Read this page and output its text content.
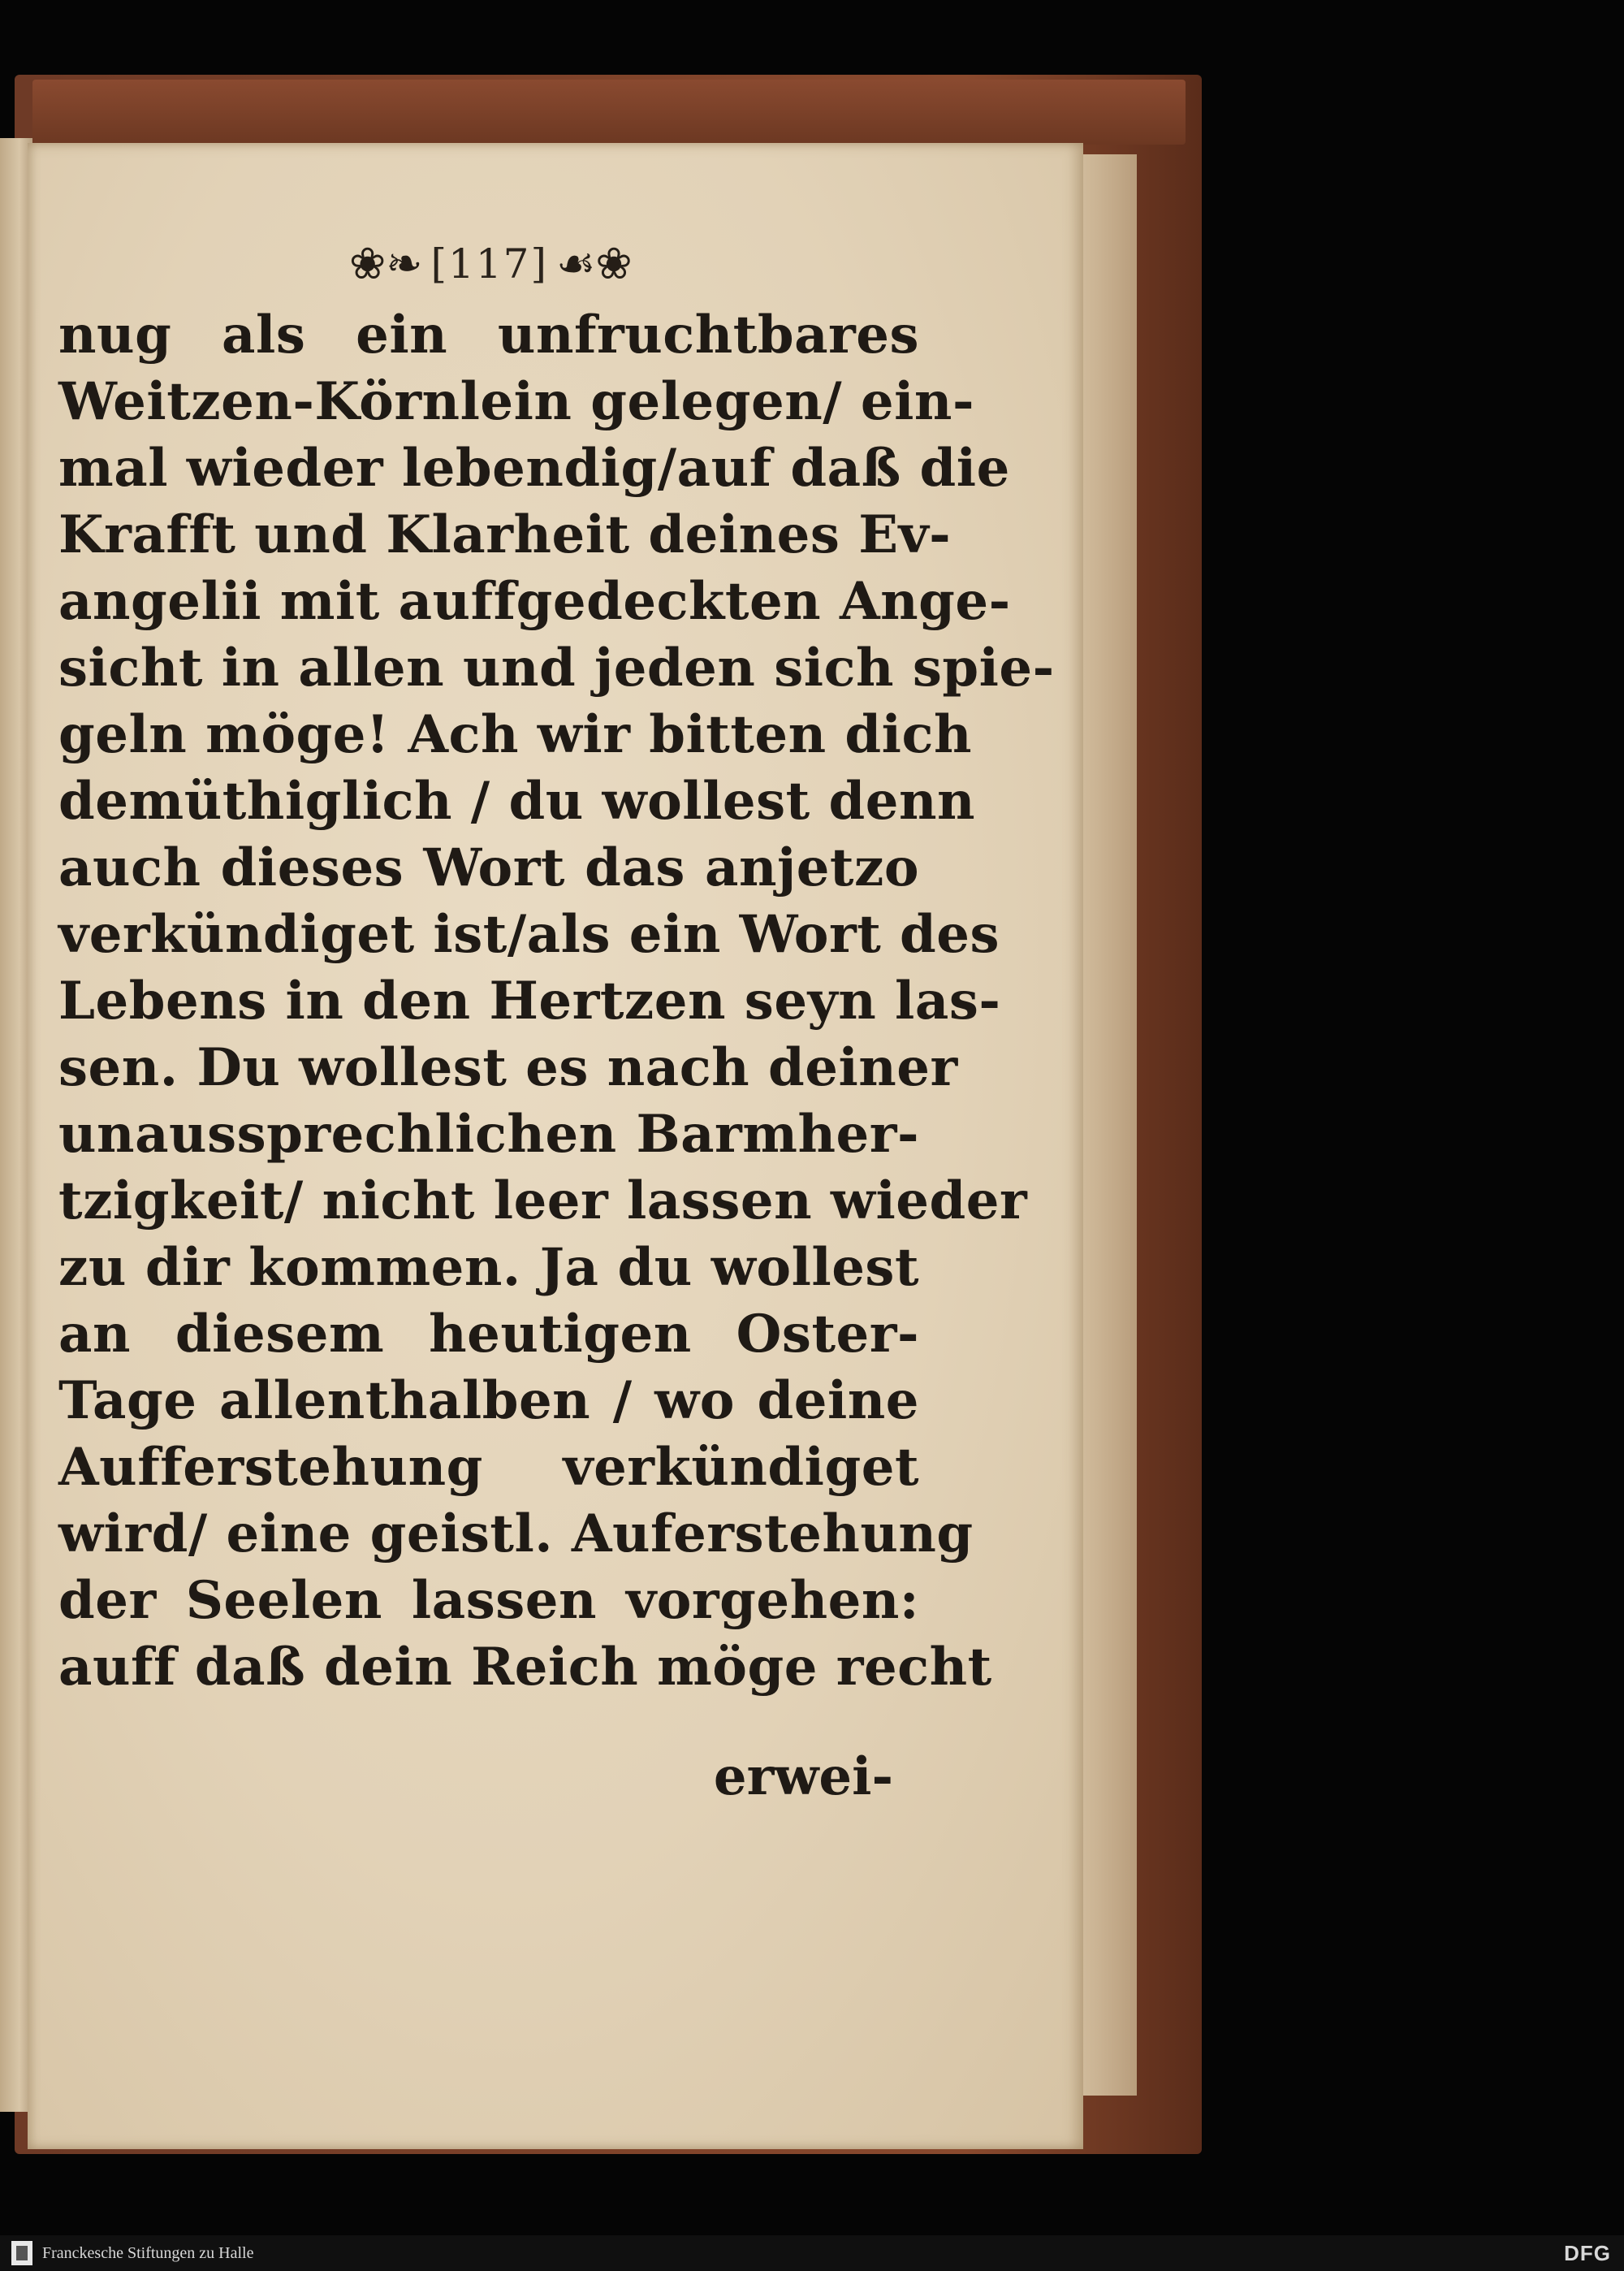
❀❧ [117] ☙❀
nug als ein unfruchtbares
Weitzen-Körnlein gelegen/ ein-
mal wieder lebendig/auf daß die
Krafft und Klarheit deines Ev-
angelii mit auffgedeckten Ange-
sicht in allen und jeden sich spie-
geln möge! Ach wir bitten dich
demüthiglich / du wollest denn
auch dieses Wort das anjetzo
verkündiget ist/als ein Wort des
Lebens in den Hertzen seyn las-
sen. Du wollest es nach deiner
unaussprechlichen Barmher-
tzigkeit/ nicht leer lassen wieder
zu dir kommen. Ja du wollest
an diesem heutigen Oster-
Tage allenthalben / wo deine
Aufferstehung verkündiget
wird/ eine geistl. Auferstehung
der Seelen lassen vorgehen:
auff daß dein Reich möge recht
erwei-
Franckesche Stiftungen zu Halle	DFG
